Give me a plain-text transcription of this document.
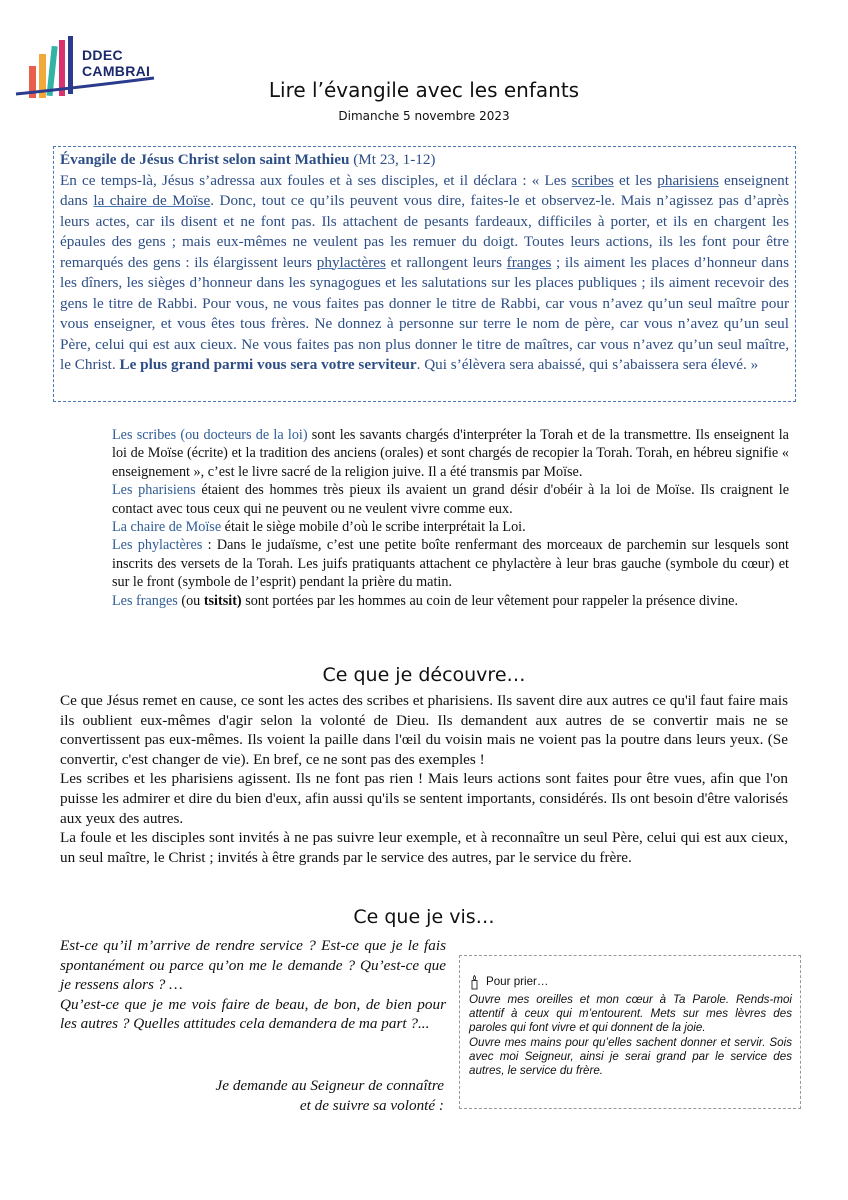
DDEC
CAMBRAI
Lire l’évangile avec les enfants
Dimanche 5 novembre 2023
Évangile de Jésus Christ selon saint Mathieu (Mt 23, 1-12)
En ce temps-là, Jésus s’adressa aux foules et à ses disciples, et il déclara : « Les scribes et les pharisiens enseignent dans la chaire de Moïse. Donc, tout ce qu’ils peuvent vous dire, faites-le et observez-le. Mais n’agissez pas d’après leurs actes, car ils disent et ne font pas. Ils attachent de pesants fardeaux, difficiles à porter, et ils en chargent les épaules des gens ; mais eux-mêmes ne veulent pas les remuer du doigt. Toutes leurs actions, ils les font pour être remarqués des gens : ils élargissent leurs phylactères et rallongent leurs franges ; ils aiment les places d’honneur dans les dîners, les sièges d’honneur dans les synagogues et les salutations sur les places publiques ; ils aiment recevoir des gens le titre de Rabbi. Pour vous, ne vous faites pas donner le titre de Rabbi, car vous n’avez qu’un seul maître pour vous enseigner, et vous êtes tous frères. Ne donnez à personne sur terre le nom de père, car vous n’avez qu’un seul Père, celui qui est aux cieux. Ne vous faites pas non plus donner le titre de maîtres, car vous n’avez qu’un seul maître, le Christ. Le plus grand parmi vous sera votre serviteur. Qui s’élèvera sera abaissé, qui s’abaissera sera élevé. »

Les scribes (ou docteurs de la loi) sont les savants chargés d'interpréter la Torah et de la transmettre. Ils enseignent la loi de Moïse (écrite) et la tradition des anciens (orales) et sont chargés de recopier la Torah. Torah, en hébreu signifie « enseignement », c’est le livre sacré de la religion juive. Il a été transmis par Moïse.

Les pharisiens étaient des hommes très pieux ils avaient un grand désir d'obéir à la loi de Moïse. Ils craignent le contact avec tous ceux qui ne peuvent ou ne veulent vivre comme eux.

La chaire de Moïse était le siège mobile d’où le scribe interprétait la Loi.

Les phylactères : Dans le judaïsme, c’est une petite boîte renfermant des morceaux de parchemin sur lesquels sont inscrits des versets de la Torah. Les juifs pratiquants attachent ce phylactère à leur bras gauche (symbole du cœur) et sur le front (symbole de l’esprit) pendant la prière du matin.

Les franges (ou tsitsit) sont portées par les hommes au coin de leur vêtement pour rappeler la présence divine.

Ce que je découvre…

Ce que Jésus remet en cause, ce sont les actes des scribes et pharisiens. Ils savent dire aux autres ce qu'il faut faire mais ils oublient eux-mêmes d'agir selon la volonté de Dieu. Ils demandent aux autres de se convertir mais ne se convertissent pas eux-mêmes. Ils voient la paille dans l'œil du voisin mais ne voient pas la poutre dans leurs yeux. (Se convertir, c'est changer de vie). En bref, ce ne sont pas des exemples !

Les scribes et les pharisiens agissent. Ils ne font pas rien ! Mais leurs actions sont faites pour être vues, afin que l'on puisse les admirer et dire du bien d'eux, afin aussi qu'ils se sentent importants, considérés. Ils ont besoin d'être valorisés aux yeux des autres.

La foule et les disciples sont invités à ne pas suivre leur exemple, et à reconnaître un seul Père, celui qui est aux cieux, un seul maître, le Christ ; invités à être grands par le service des autres, par le service du frère.

Ce que je vis…

Est-ce qu’il m’arrive de rendre service ? Est-ce que je le fais spontanément ou parce qu’on me le demande ? Qu’est-ce que je ressens alors ? …

Qu’est-ce que je me vois faire de beau, de bon, de bien pour les autres ? Quelles attitudes cela demandera de ma part ?...

Je demande au Seigneur de connaître

et de suivre sa volonté :

Pour prier…

Ouvre mes oreilles et mon cœur à Ta Parole. Rends-moi attentif à ceux qui m’entourent. Mets sur mes lèvres des paroles qui font vivre et qui donnent de la joie.

Ouvre mes mains pour qu’elles sachent donner et servir. Sois avec moi Seigneur, ainsi je serai grand par le service des autres, le service du frère.
